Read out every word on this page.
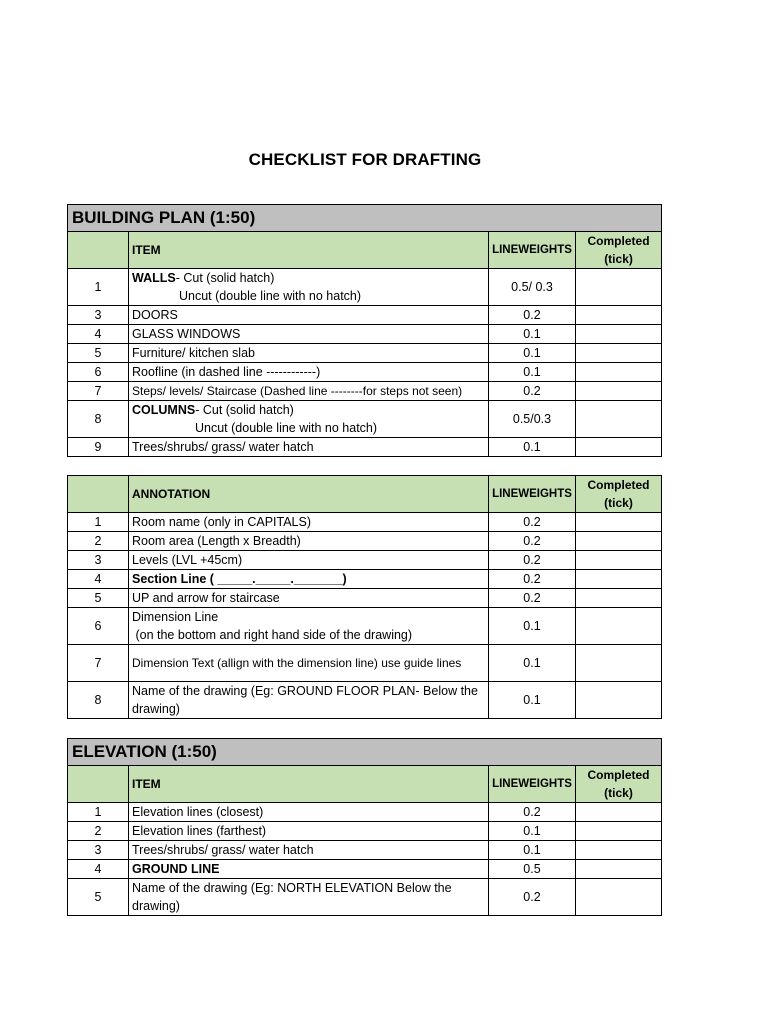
CHECKLIST FOR DRAFTING
BUILDING PLAN (1:50)			
	ITEM	LINEWEIGHTS	Completed
(tick)
1	WALLS- Cut (solid hatch)
Uncut (double line with no hatch)	0.5/ 0.3	
3	DOORS	0.2	
4	GLASS WINDOWS	0.1	
5	Furniture/ kitchen slab	0.1	
6	Roofline (in dashed line ------------)	0.1	
7	Steps/ levels/ Staircase (Dashed line --------for steps not seen)	0.2	
8	COLUMNS- Cut (solid hatch)
Uncut (double line with no hatch)	0.5/0.3	
9	Trees/shrubs/ grass/ water hatch	0.1	
	ANNOTATION	LINEWEIGHTS	Completed
(tick)
1	Room name (only in CAPITALS)	0.2	
2	Room area (Length x Breadth)	0.2	
3	Levels (LVL +45cm)	0.2	
4	Section Line ( _____._____._______)	0.2	
5	UP and arrow for staircase	0.2	
6	Dimension Line
(on the bottom and right hand side of the drawing)	0.1	
7	Dimension Text (allign with the dimension line) use guide lines	0.1	
8	Name of the drawing (Eg: GROUND FLOOR PLAN- Below the drawing)	0.1	
ELEVATION (1:50)			
	ITEM	LINEWEIGHTS	Completed
(tick)
1	Elevation lines (closest)	0.2	
2	Elevation lines (farthest)	0.1	
3	Trees/shrubs/ grass/ water hatch	0.1	
4	GROUND LINE	0.5	
5	Name of the drawing (Eg: NORTH ELEVATION Below the drawing)	0.2	
